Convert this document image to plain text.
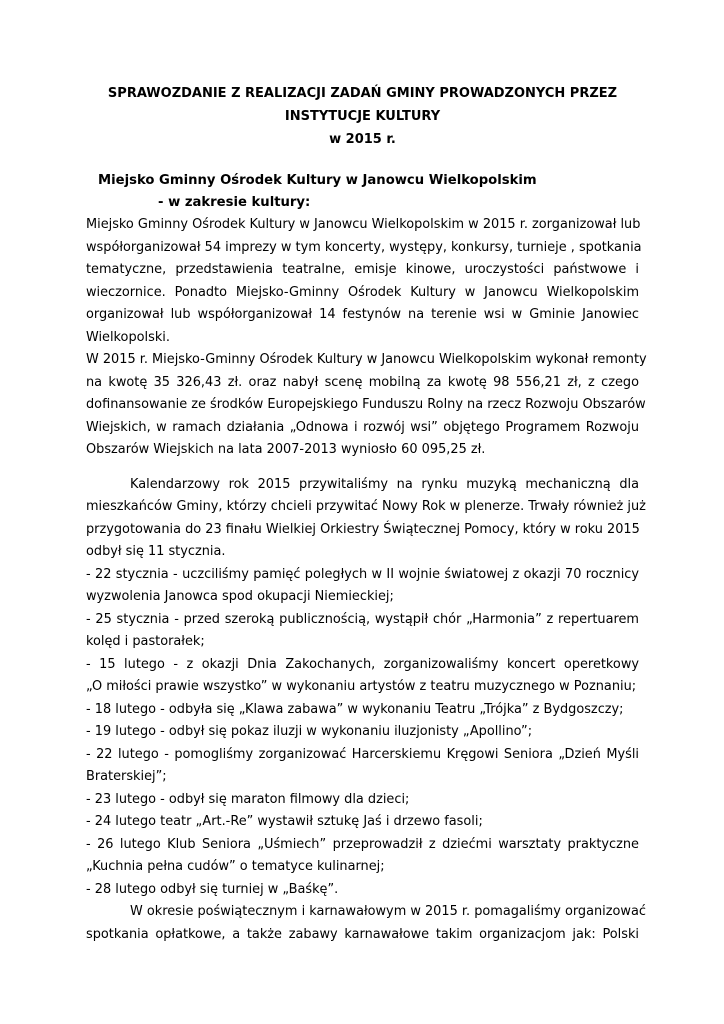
SPRAWOZDANIE Z REALIZACJI ZADAŃ GMINY PROWADZONYCH PRZEZ
INSTYTUCJE KULTURY
w 2015 r.
Miejsko Gminny Ośrodek Kultury w Janowcu Wielkopolskim
- w zakresie kultury:
Miejsko Gminny Ośrodek Kultury w Janowcu Wielkopolskim w 2015 r. zorganizował lub
współorganizował 54 imprezy w tym koncerty, występy, konkursy, turnieje , spotkania
tematyczne, przedstawienia teatralne, emisje kinowe, uroczystości państwowe i
wieczornice. Ponadto Miejsko-Gminny Ośrodek Kultury w Janowcu Wielkopolskim
organizował lub współorganizował 14 festynów na terenie wsi w Gminie Janowiec
Wielkopolski.
W 2015 r. Miejsko-Gminny Ośrodek Kultury w Janowcu Wielkopolskim wykonał remonty
na kwotę 35 326,43 zł. oraz nabył scenę mobilną za kwotę 98 556,21 zł, z czego
dofinansowanie ze środków Europejskiego Funduszu Rolny na rzecz Rozwoju Obszarów
Wiejskich, w ramach działania „Odnowa i rozwój wsi” objętego Programem Rozwoju
Obszarów Wiejskich na lata 2007-2013 wyniosło 60 095,25 zł.
Kalendarzowy rok 2015 przywitaliśmy na rynku muzyką mechaniczną dla
mieszkańców Gminy, którzy chcieli przywitać Nowy Rok w plenerze. Trwały również już
przygotowania do 23 finału Wielkiej Orkiestry Świątecznej Pomocy, który w roku 2015
odbył się 11 stycznia.
- 22 stycznia - uczciliśmy pamięć poległych w II wojnie światowej z okazji 70 rocznicy
wyzwolenia Janowca spod okupacji Niemieckiej;
- 25 stycznia - przed szeroką publicznością, wystąpił chór „Harmonia” z repertuarem
kolęd i pastorałek;
- 15 lutego - z okazji Dnia Zakochanych, zorganizowaliśmy koncert operetkowy
„O miłości prawie wszystko” w wykonaniu artystów z teatru muzycznego w Poznaniu;
- 18 lutego - odbyła się „Klawa zabawa” w wykonaniu Teatru „Trójka” z Bydgoszczy;
- 19 lutego - odbył się pokaz iluzji w wykonaniu iluzjonisty „Apollino”;
- 22 lutego - pomogliśmy zorganizować Harcerskiemu Kręgowi Seniora „Dzień Myśli
Braterskiej”;
- 23 lutego - odbył się maraton filmowy dla dzieci;
- 24 lutego teatr „Art.-Re” wystawił sztukę Jaś i drzewo fasoli;
- 26 lutego Klub Seniora „Uśmiech” przeprowadził z dziećmi warsztaty praktyczne
„Kuchnia pełna cudów” o tematyce kulinarnej;
- 28 lutego odbył się turniej w „Baśkę”.
W okresie poświątecznym i karnawałowym w 2015 r. pomagaliśmy organizować
spotkania opłatkowe, a także zabawy karnawałowe takim organizacjom jak: Polski
